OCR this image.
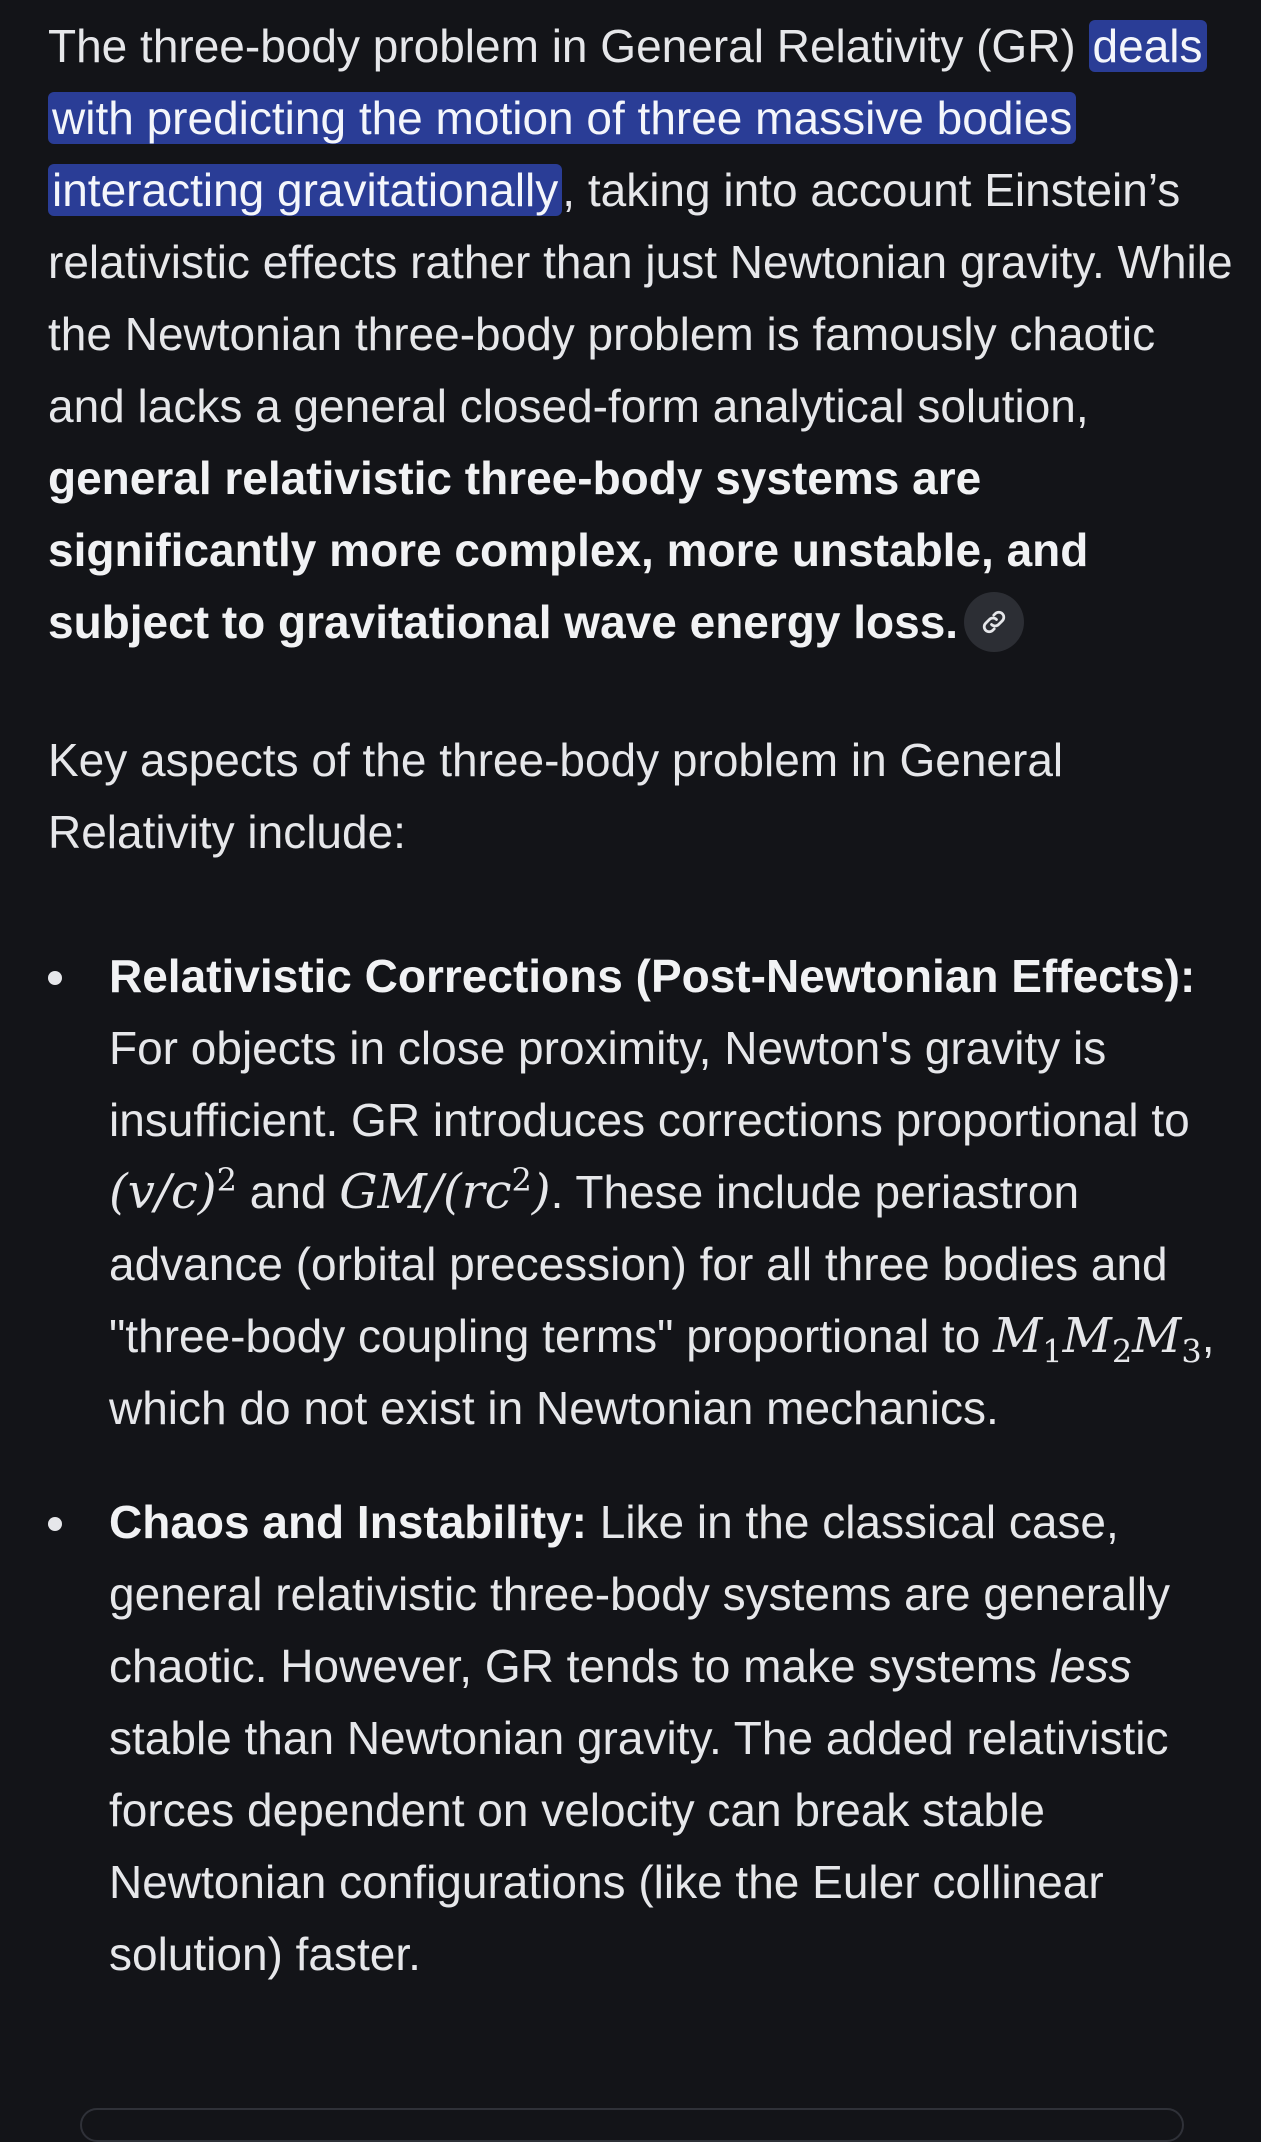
The three-body problem in General Relativity (GR) deals with predicting the motion of three massive bodies interacting gravitationally, taking into account Einstein’s relativistic effects rather than just Newtonian gravity. While the Newtonian three-body problem is famously chaotic and lacks a general closed-form analytical solution, general relativistic three-body systems are significantly more complex, more unstable, and subject to gravitational wave energy loss.

Key aspects of the three-body problem in General Relativity include:

Relativistic Corrections (Post-Newtonian Effects): For objects in close proximity, Newton's gravity is insufficient. GR introduces corrections proportional to $(v/c)^2$ and $GM/(rc^2)$. These include periastron advance (orbital precession) for all three bodies and "three-body coupling terms" proportional to $M_1M_2M_3$, which do not exist in Newtonian mechanics.

Chaos and Instability: Like in the classical case, general relativistic three-body systems are generally chaotic. However, GR tends to make systems less stable than Newtonian gravity. The added relativistic forces dependent on velocity can break stable Newtonian configurations (like the Euler collinear solution) faster.
